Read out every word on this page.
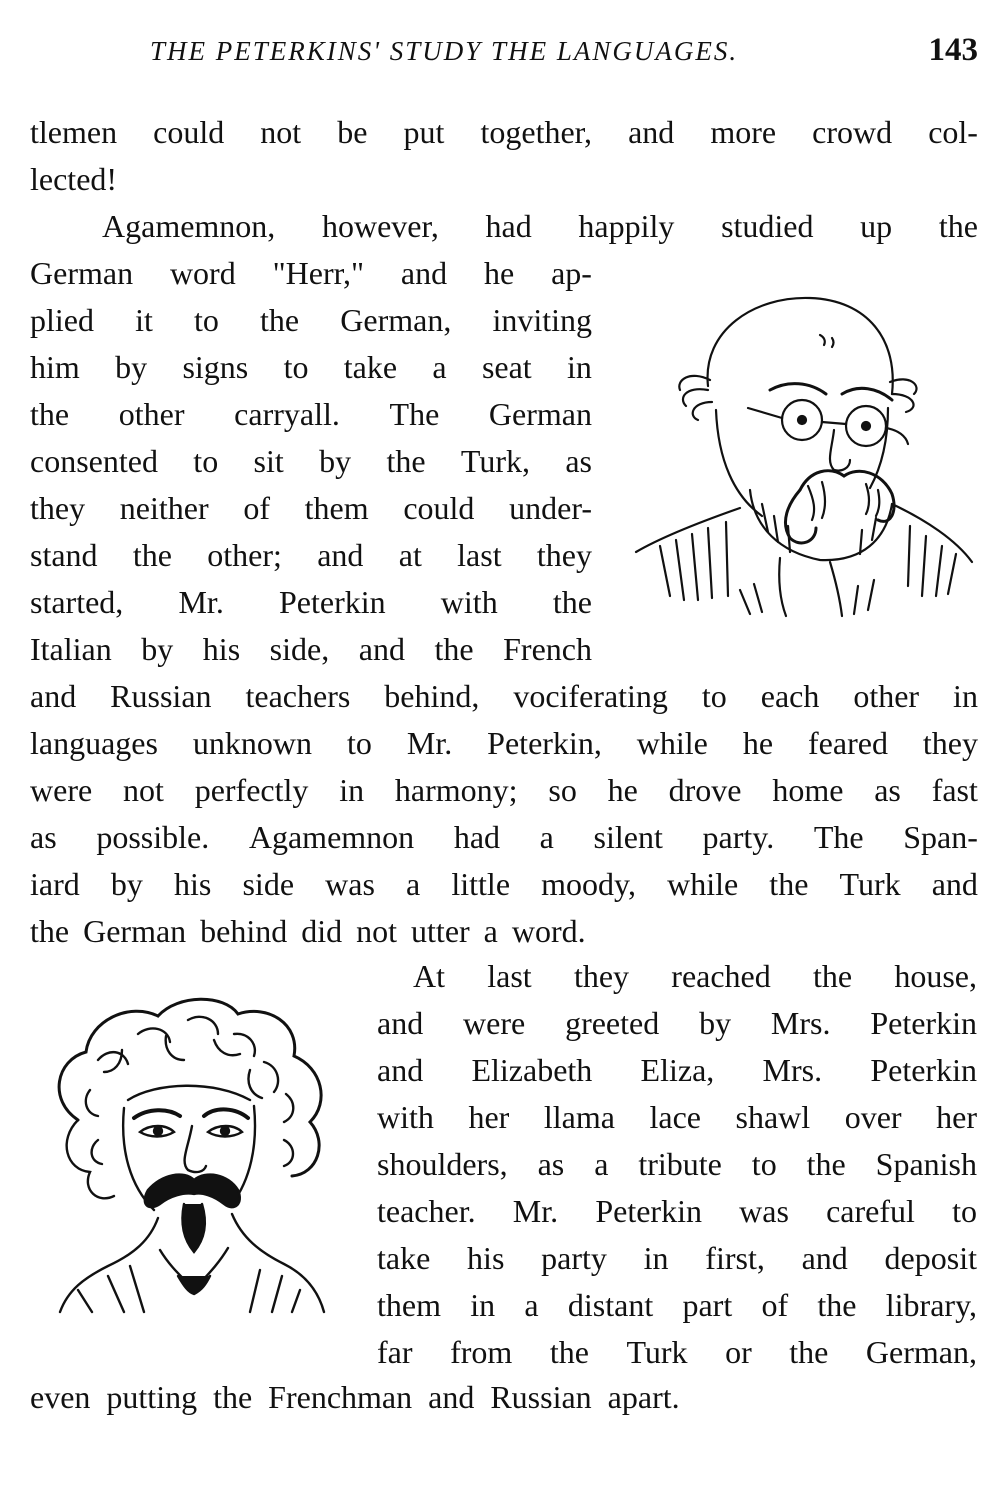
THE PETERKINS' STUDY THE LANGUAGES.	143
tlemen could not be put together, and more crowd col-
lected!
Agamemnon, however, had happily studied up the
German word "Herr," and he ap-
plied it to the German, inviting
him by signs to take a seat in
the other carryall. The German
consented to sit by the Turk, as
they neither of them could under-
stand the other; and at last they
started, Mr. Peterkin with the
Italian by his side, and the French
and Russian teachers behind, vociferating to each other in
languages unknown to Mr. Peterkin, while he feared they
were not perfectly in harmony; so he drove home as fast
as possible. Agamemnon had a silent party. The Span-
iard by his side was a little moody, while the Turk and
the German behind did not utter a word.
At last they reached the house,
and were greeted by Mrs. Peterkin
and Elizabeth Eliza, Mrs. Peterkin
with her llama lace shawl over her
shoulders, as a tribute to the Spanish
teacher. Mr. Peterkin was careful to
take his party in first, and deposit
them in a distant part of the library,
far from the Turk or the German,
even putting the Frenchman and Russian apart.
